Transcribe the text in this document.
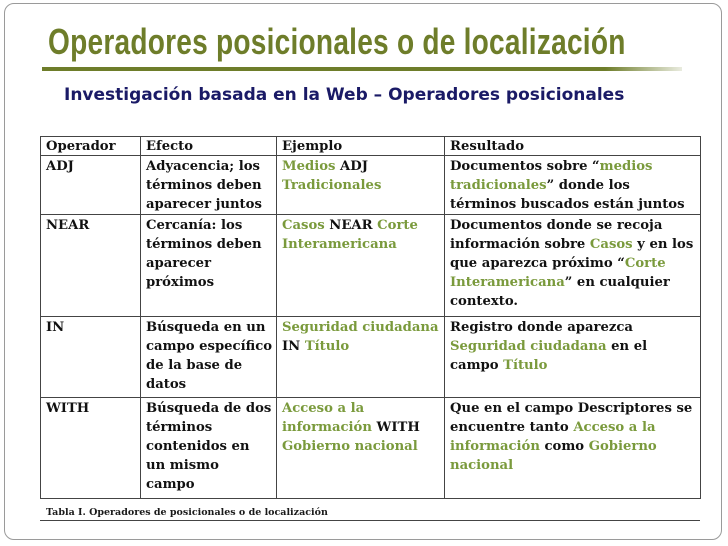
Operadores posicionales o de localización
Investigación basada en la Web – Operadores posicionales
Operador	Efecto	Ejemplo	Resultado
ADJ	Adyacencia; los términos deben aparecer juntos	Medios ADJ Tradicionales	Documentos sobre “medios tradicionales” donde los términos buscados están juntos
NEAR	Cercanía: los términos deben aparecer próximos	Casos NEAR Corte Interamericana	Documentos donde se recoja información sobre Casos y en los que aparezca próximo “Corte Interamericana” en cualquier contexto.
IN	Búsqueda en un campo específico de la base de datos	Seguridad ciudadana IN Título	Registro donde aparezca Seguridad ciudadana en el campo Título
WITH	Búsqueda de dos términos contenidos en un mismo campo	Acceso a la información WITH Gobierno nacional	Que en el campo Descriptores se encuentre tanto Acceso a la información como Gobierno nacional
Tabla I. Operadores de posicionales o de localización
